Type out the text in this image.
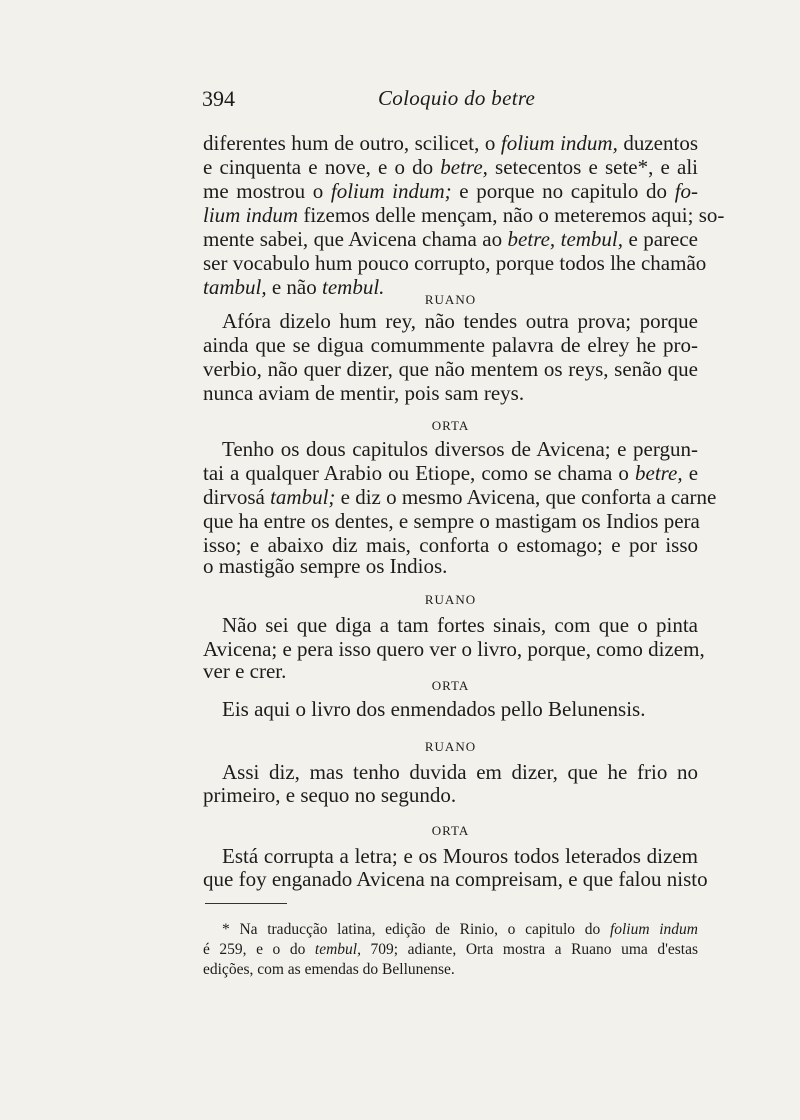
394	Coloquio do betre
diferentes hum de outro, scilicet, o folium indum, duzentos
e cinquenta e nove, e o do betre, setecentos e sete*, e ali
me mostrou o folium indum; e porque no capitulo do fo-
lium indum fizemos delle mençam, não o meteremos aqui; so-
mente sabei, que Avicena chama ao betre, tembul, e parece
ser vocabulo hum pouco corrupto, porque todos lhe chamão
tambul, e não tembul.
RUANO
Afóra dizelo hum rey, não tendes outra prova; porque
ainda que se digua comummente palavra de elrey he pro-
verbio, não quer dizer, que não mentem os reys, senão que
nunca aviam de mentir, pois sam reys.
ORTA
Tenho os dous capitulos diversos de Avicena; e pergun-
tai a qualquer Arabio ou Etiope, como se chama o betre, e
dirvosá tambul; e diz o mesmo Avicena, que conforta a carne
que ha entre os dentes, e sempre o mastigam os Indios pera
isso; e abaixo diz mais, conforta o estomago; e por isso
o mastigão sempre os Indios.
RUANO
Não sei que diga a tam fortes sinais, com que o pinta
Avicena; e pera isso quero ver o livro, porque, como dizem,
ver e crer.
ORTA
Eis aqui o livro dos enmendados pello Belunensis.
RUANO
Assi diz, mas tenho duvida em dizer, que he frio no
primeiro, e sequo no segundo.
ORTA
Está corrupta a letra; e os Mouros todos leterados dizem
que foy enganado Avicena na compreisam, e que falou nisto
* Na traducção latina, edição de Rinio, o capitulo do folium indum
é 259, e o do tembul, 709; adiante, Orta mostra a Ruano uma d'estas
edições, com as emendas do Bellunense.
